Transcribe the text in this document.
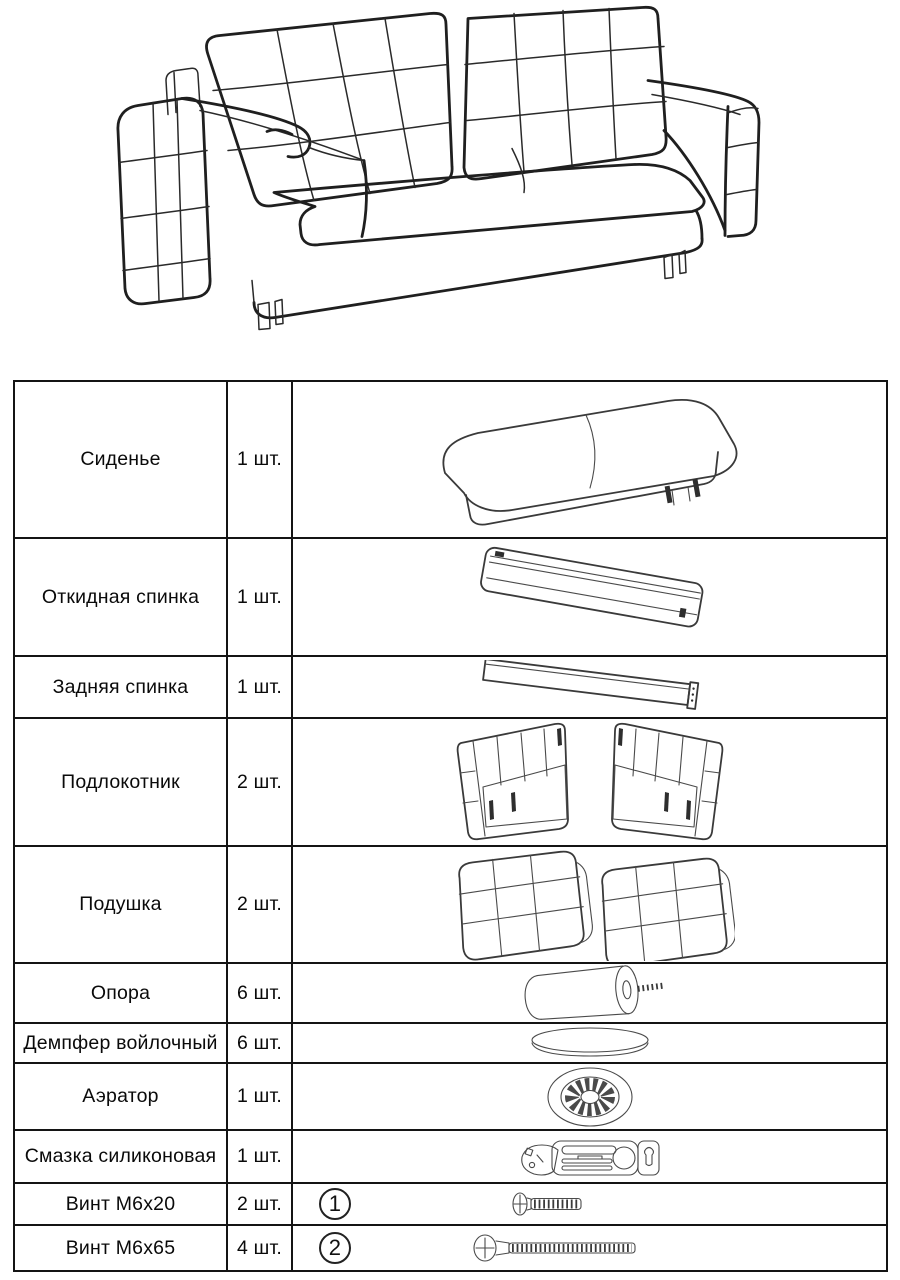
Сиденье	1 шт.	

Откидная спинка	1 шт.	

Задняя спинка	1 шт.	

Подлокотник	2 шт.	

Подушка	2 шт.	

Опора	6 шт.	

Демпфер войлочный	6 шт.	

Аэратор	1 шт.	

Смазка силиконовая	1 шт.	

Винт М6х20	2 шт.	1

Винт М6х65	4 шт.	2
